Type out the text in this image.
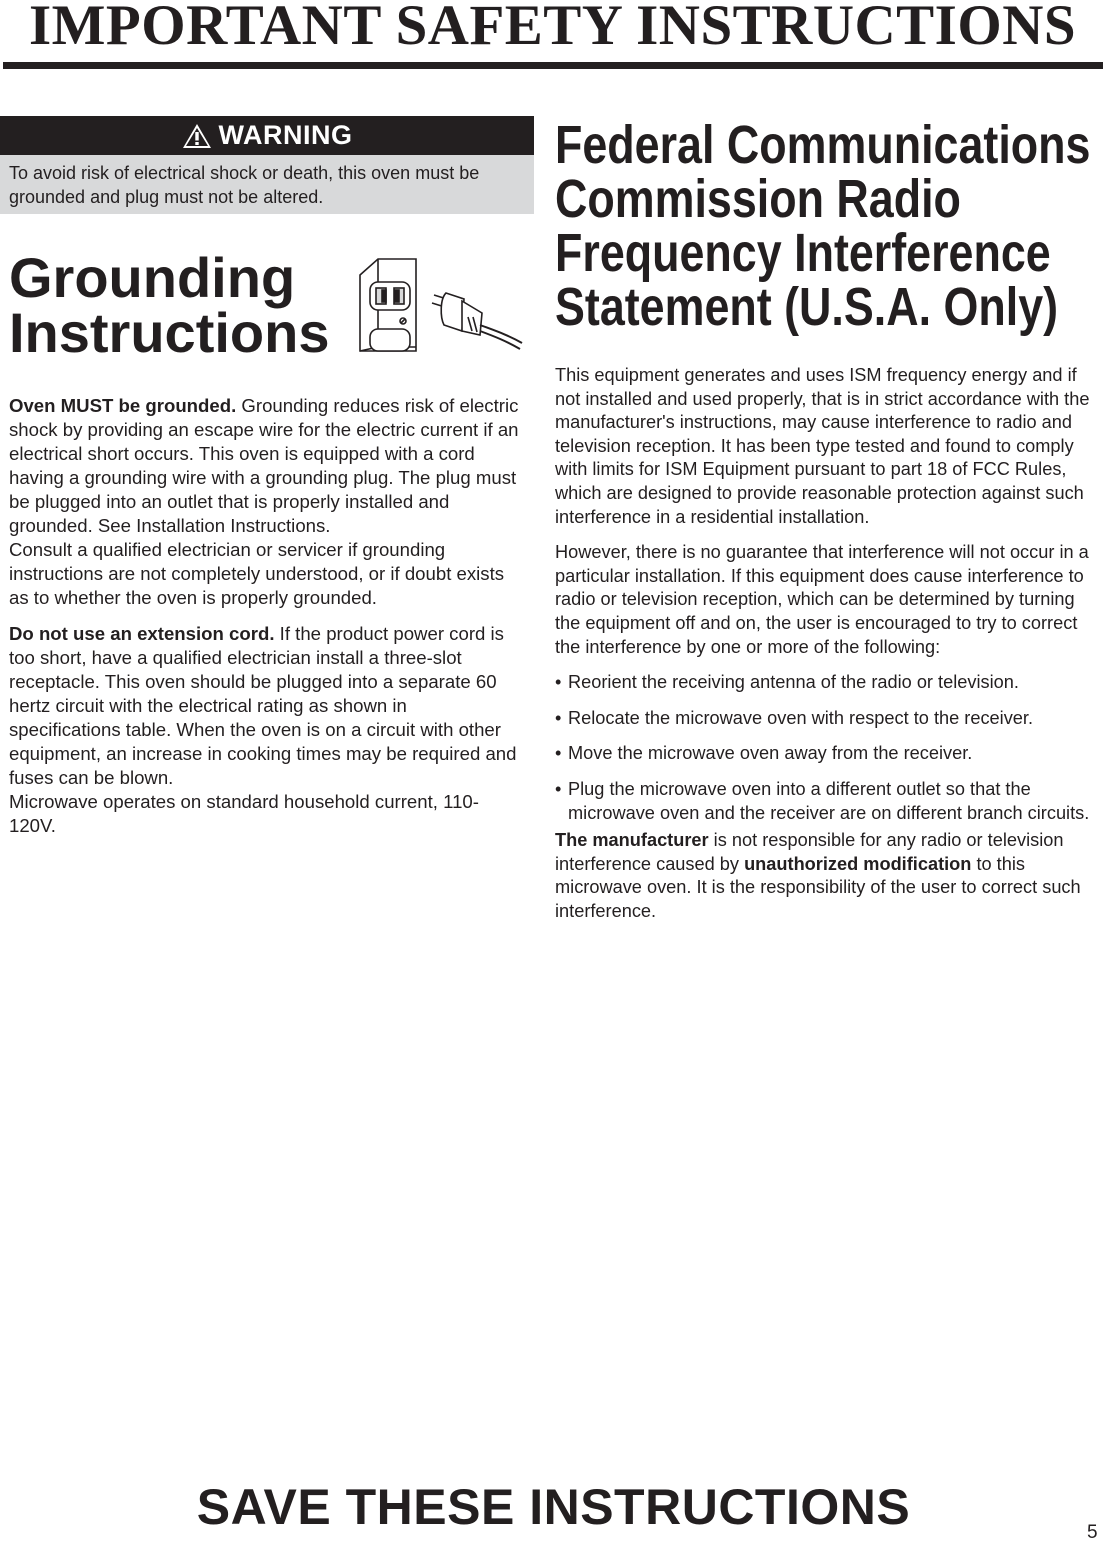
IMPORTANT SAFETY INSTRUCTIONS
WARNING
To avoid risk of electrical shock or death, this oven must be grounded and plug must not be altered.
Grounding
Instructions
Oven MUST be grounded. Grounding reduces risk of electric shock by providing an escape wire for the electric current if an electrical short occurs. This oven is equipped with a cord having a grounding wire with a grounding plug. The plug must be plugged into an outlet that is properly installed and grounded. See Installation Instructions.

Consult a qualified electrician or servicer if grounding instructions are not completely understood, or if doubt exists as to whether the oven is properly grounded.

Do not use an extension cord. If the product power cord is too short, have a qualified electrician install a three-slot receptacle. This oven should be plugged into a separate 60 hertz circuit with the electrical rating as shown in specifications table. When the oven is on a circuit with other equipment, an increase in cooking times may be required and fuses can be blown.

Microwave operates on standard household current, 110-120V.

Federal Communications
Commission Radio
Frequency Interference
Statement (U.S.A. Only)

This equipment generates and uses ISM frequency energy and if not installed and used properly, that is in strict accordance with the manufacturer's instructions, may cause interference to radio and television reception. It has been type tested and found to comply with limits for ISM Equipment pursuant to part 18 of FCC Rules, which are designed to provide reasonable protection against such interference in a residential installation.

However, there is no guarantee that interference will not occur in a particular installation. If this equipment does cause interference to radio or television reception, which can be determined by turning the equipment off and on, the user is encouraged to try to correct the interference by one or more of the following:

• Reorient the receiving antenna of the radio or television.
• Relocate the microwave oven with respect to the receiver.
• Move the microwave oven away from the receiver.
• Plug the microwave oven into a different outlet so that the microwave oven and the receiver are on different branch circuits.

The manufacturer is not responsible for any radio or television interference caused by unauthorized modification to this microwave oven. It is the responsibility of the user to correct such interference.

SAVE THESE INSTRUCTIONS	5
